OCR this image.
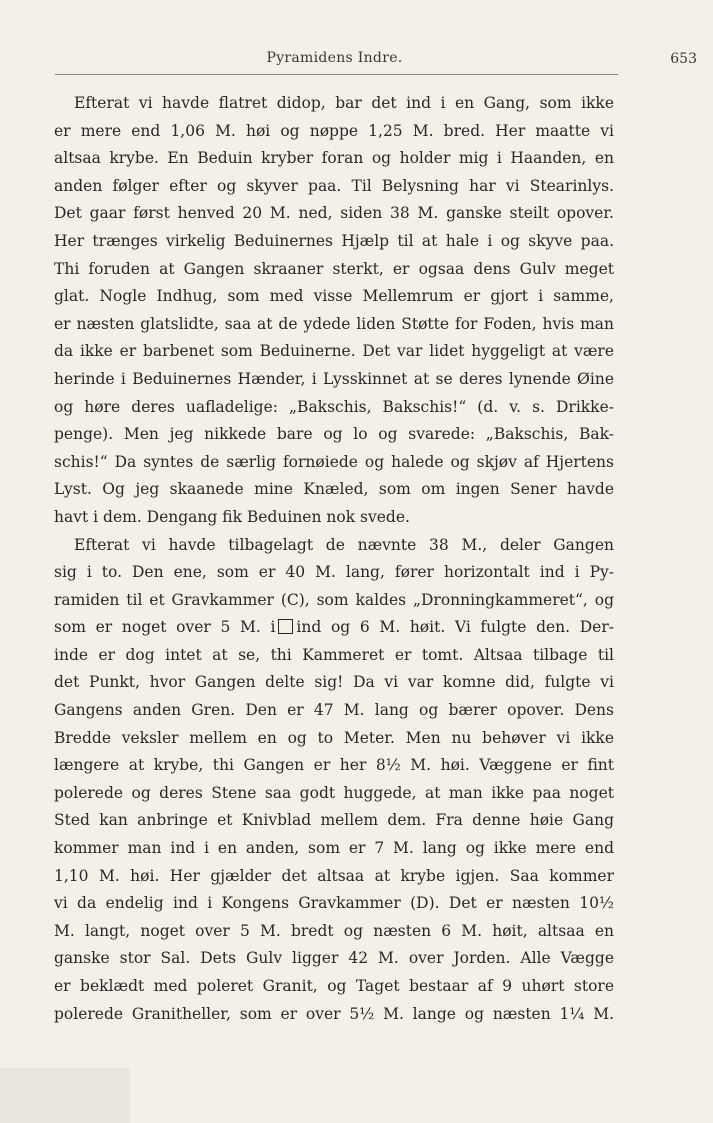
Pyramidens Indre.	653
Efterat vi havde flatret didop, bar det ind i en Gang, som ikke
er mere end 1,06 M. høi og nøppe 1,25 M. bred. Her maatte vi
altsaa krybe. En Beduin kryber foran og holder mig i Haanden, en
anden følger efter og skyver paa. Til Belysning har vi Stearinlys.
Det gaar først henved 20 M. ned, siden 38 M. ganske steilt opover.
Her trænges virkelig Beduinernes Hjælp til at hale i og skyve paa.
Thi foruden at Gangen skraaner sterkt, er ogsaa dens Gulv meget
glat. Nogle Indhug, som med visse Mellemrum er gjort i samme,
er næsten glatslidte, saa at de ydede liden Støtte for Foden, hvis man
da ikke er barbenet som Beduinerne. Det var lidet hyggeligt at være
herinde i Beduinernes Hænder, i Lysskinnet at se deres lynende Øine
og høre deres uafladelige: „Bakschis, Bakschis!“ (d. v. s. Drikke-
penge). Men jeg nikkede bare og lo og svarede: „Bakschis, Bak-
schis!“ Da syntes de særlig fornøiede og halede og skjøv af Hjertens
Lyst. Og jeg skaanede mine Knæled, som om ingen Sener havde
havt i dem. Dengang fik Beduinen nok svede.
Efterat vi havde tilbagelagt de nævnte 38 M., deler Gangen
sig i to. Den ene, som er 40 M. lang, fører horizontalt ind i Py-
ramiden til et Gravkammer (C), som kaldes „Dronningkammeret“, og
som er noget over 5 M. i ind og 6 M. høit. Vi fulgte den. Der-
inde er dog intet at se, thi Kammeret er tomt. Altsaa tilbage til
det Punkt, hvor Gangen delte sig! Da vi var komne did, fulgte vi
Gangens anden Gren. Den er 47 M. lang og bærer opover. Dens
Bredde veksler mellem en og to Meter. Men nu behøver vi ikke
længere at krybe, thi Gangen er her 8½ M. høi. Væggene er fint
polerede og deres Stene saa godt huggede, at man ikke paa noget
Sted kan anbringe et Knivblad mellem dem. Fra denne høie Gang
kommer man ind i en anden, som er 7 M. lang og ikke mere end
1,10 M. høi. Her gjælder det altsaa at krybe igjen. Saa kommer
vi da endelig ind i Kongens Gravkammer (D). Det er næsten 10½
M. langt, noget over 5 M. bredt og næsten 6 M. høit, altsaa en
ganske stor Sal. Dets Gulv ligger 42 M. over Jorden. Alle Vægge
er beklædt med poleret Granit, og Taget bestaar af 9 uhørt store
polerede Granitheller, som er over 5½ M. lange og næsten 1¼ M.
